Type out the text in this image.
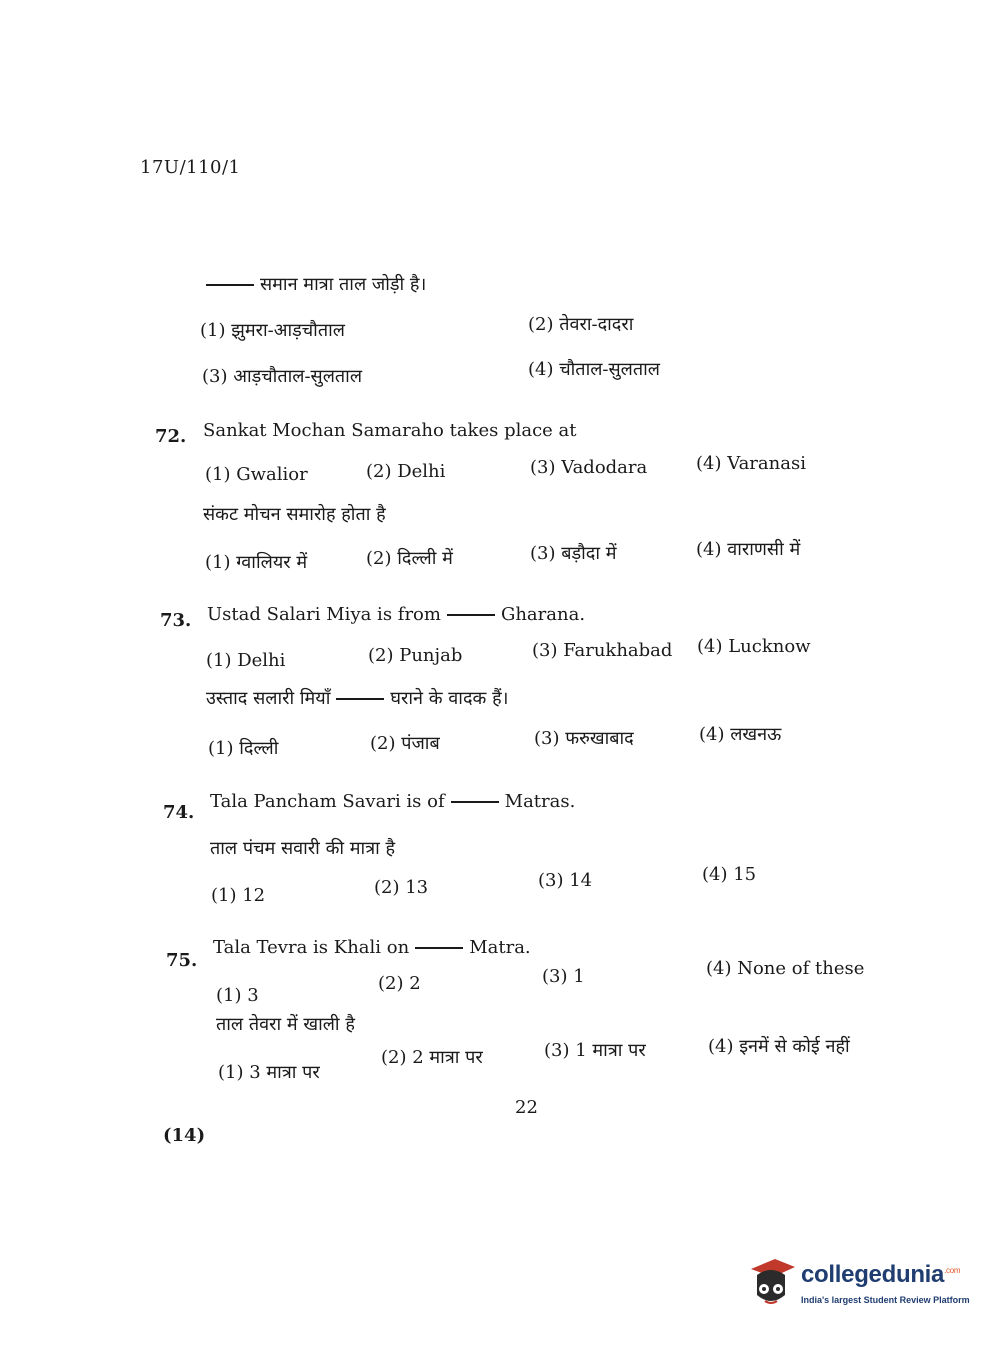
17U/110/1
समान मात्रा ताल जोड़ी है।
(1) झुमरा-आड़चौताल	(2) तेवरा-दादरा
(3) आड़चौताल-सुलताल	(4) चौताल-सुलताल
72. Sankat Mochan Samaraho takes place at
(1) Gwalior	(2) Delhi	(3) Vadodara	(4) Varanasi
संकट मोचन समारोह होता है
(1) ग्वालियर में	(2) दिल्ली में	(3) बड़ौदा में	(4) वाराणसी में
73. Ustad Salari Miya is from	Gharana.
(1) Delhi	(2) Punjab	(3) Farukhabad (4) Lucknow
उस्ताद सलारी मियाँ	घराने के वादक हैं।
(1) दिल्ली	(2) पंजाब	(3) फरुखाबाद	(4) लखनऊ
74.
Tala Pancham Savari is of	Matras.
ताल पंचम सवारी की मात्रा है
(1) 12	(2) 13	(3) 14	(4) 15
75.
Tala Tevra is Khali on	Matra.
(1) 3
(2) 2	(3) 1	(4) None of these
ताल तेवरा में खाली है
(1) 3 मात्रा पर
(2) 2 मात्रा पर	(3) 1 मात्रा पर	(4) इनमें से कोई नहीं
22
(14)
collegedunia$^{.com}$
India's largest Student Review Platform
